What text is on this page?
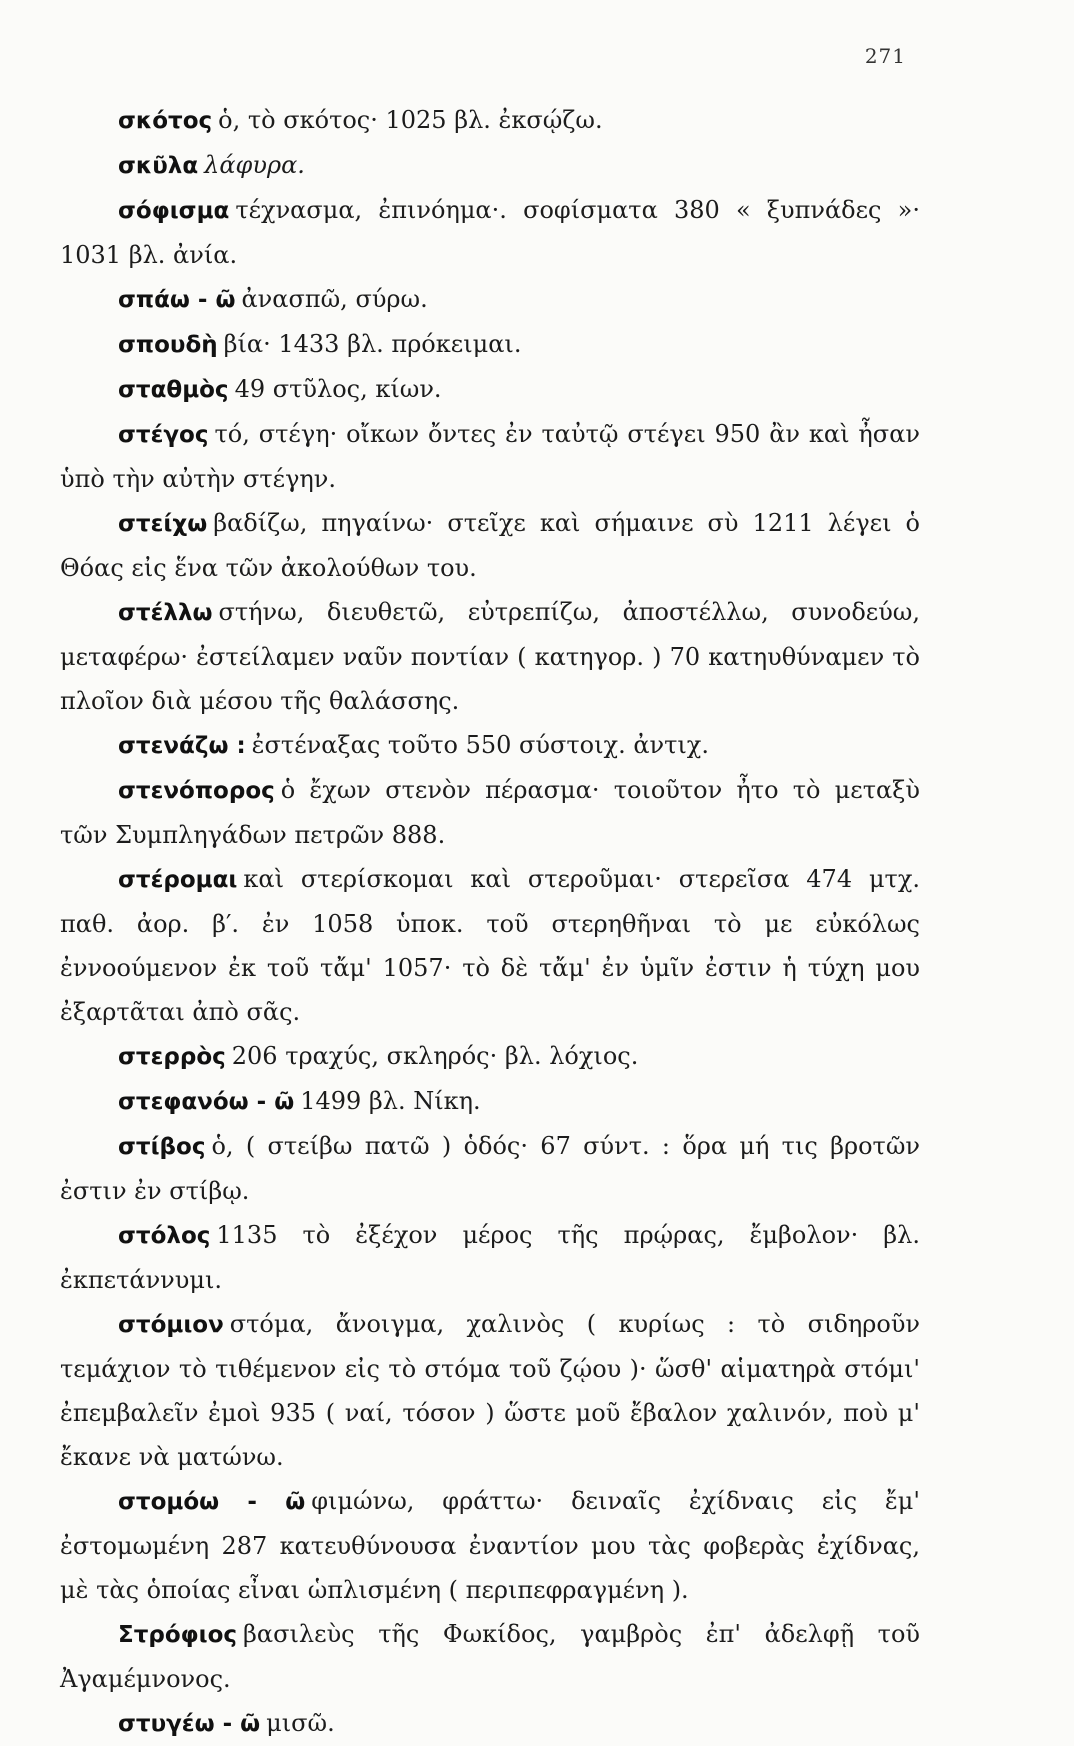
271

σκότος ὁ, τὸ σκότος· 1025 βλ. ἐκσῴζω.

σκῦλα λάφυρα.

σόφισμα τέχνασμα, ἐπινόημα·. σοφίσματα 380 « ξυπνάδες »· 1031 βλ. ἀνία.

σπάω - ῶ ἀνασπῶ, σύρω.

σπουδὴ βία· 1433 βλ. πρόκειμαι.

σταθμὸς 49 στῦλος, κίων.

στέγος τό, στέγη· οἴκων ὄντες ἐν ταὐτῷ στέγει 950 ἂν καὶ ἦσαν ὑπὸ τὴν αὐτὴν στέγην.

στείχω βαδίζω, πηγαίνω· στεῖχε καὶ σήμαινε σὺ 1211 λέγει ὁ Θόας εἰς ἕνα τῶν ἀκολούθων του.

στέλλω στήνω, διευθετῶ, εὐτρεπίζω, ἀποστέλλω, συνοδεύω, μεταφέρω· ἐστείλαμεν ναῦν ποντίαν ( κατηγορ. ) 70 κατηυθύναμεν τὸ πλοῖον διὰ μέσου τῆς θαλάσσης.

στενάζω : ἐστέναξας τοῦτο 550 σύστοιχ. ἀντιχ.

στενόπορος ὁ ἔχων στενὸν πέρασμα· τοιοῦτον ἦτο τὸ μεταξὺ τῶν Συμπληγάδων πετρῶν 888.

στέρομαι καὶ στερίσκομαι καὶ στεροῦμαι· στερεῖσα 474 μτχ. παθ. ἀορ. β′. ἐν 1058 ὑποκ. τοῦ στερηθῆναι τὸ με εὐκόλως ἐννοούμενον ἐκ τοῦ τἄμ' 1057· τὸ δὲ τἄμ' ἐν ὑμῖν ἐστιν ἡ τύχη μου ἐξαρτᾶται ἀπὸ σᾶς.

στερρὸς 206 τραχύς, σκληρός· βλ. λόχιος.

στεφανόω - ῶ 1499 βλ. Νίκη.

στίβος ὁ, ( στείβω πατῶ ) ὁδός· 67 σύντ. : ὅρα μή τις βροτῶν ἐστιν ἐν στίβῳ.

στόλος 1135 τὸ ἐξέχον μέρος τῆς πρῴρας, ἔμβολον· βλ. ἐκπετάννυμι.

στόμιον στόμα, ἄνοιγμα, χαλινὸς ( κυρίως : τὸ σιδηροῦν τεμάχιον τὸ τιθέμενον εἰς τὸ στόμα τοῦ ζῴου )· ὥσθ' αἱματηρὰ στόμι' ἐπεμβαλεῖν ἐμοὶ 935 ( ναί, τόσον ) ὥστε μοῦ ἔβαλον χαλινόν, ποὺ μ' ἔκανε νὰ ματώνω.

στομόω - ῶ φιμώνω, φράττω· δειναῖς ἐχίδναις εἰς ἔμ' ἐστομωμένη 287 κατευθύνουσα ἐναντίον μου τὰς φοβερὰς ἐχίδνας, μὲ τὰς ὁποίας εἶναι ὡπλισμένη ( περιπεφραγμένη ).

Στρόφιος βασιλεὺς τῆς Φωκίδος, γαμβρὸς ἐπ' ἀδελφῇ τοῦ Ἀγαμέμνονος.

στυγέω - ῶ μισῶ.
